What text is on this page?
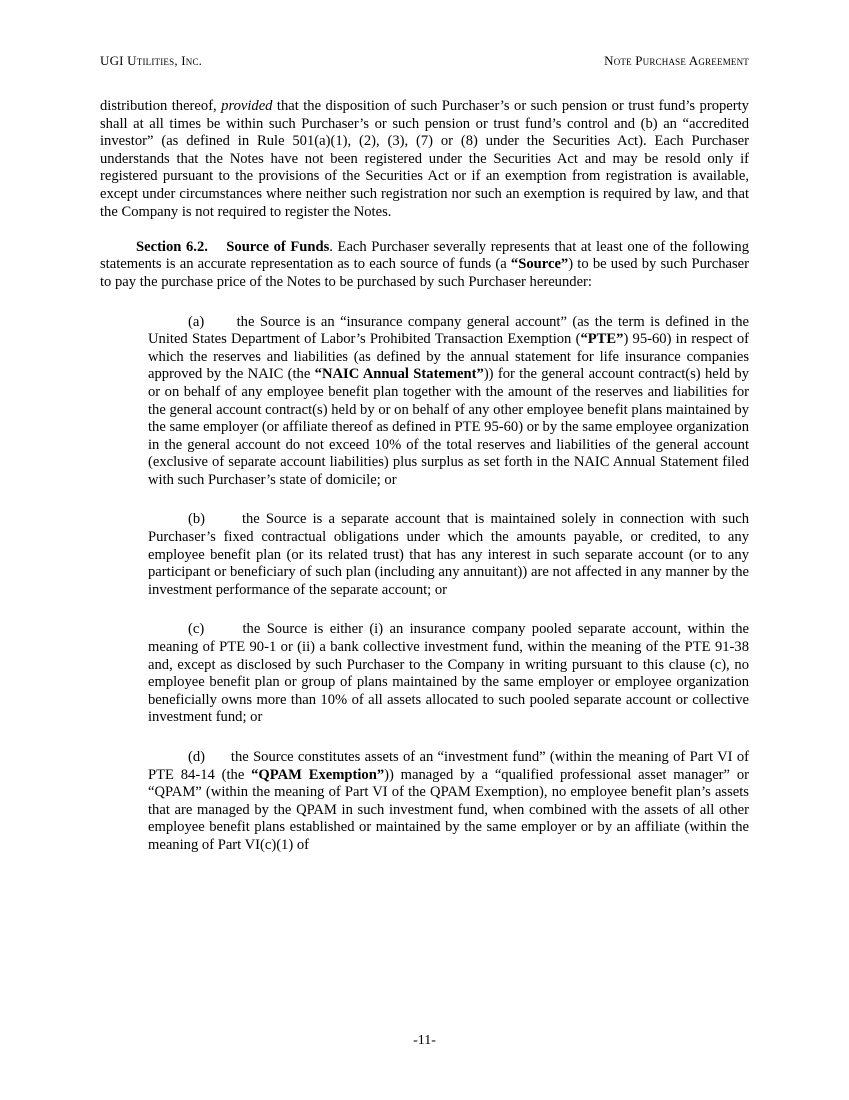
UGI Utilities, Inc.	Note Purchase Agreement

distribution thereof, provided that the disposition of such Purchaser’s or such pension or trust fund’s property shall at all times be within such Purchaser’s or such pension or trust fund’s control and (b) an “accredited investor” (as defined in Rule 501(a)(1), (2), (3), (7) or (8) under the Securities Act). Each Purchaser understands that the Notes have not been registered under the Securities Act and may be resold only if registered pursuant to the provisions of the Securities Act or if an exemption from registration is available, except under circumstances where neither such registration nor such an exemption is required by law, and that the Company is not required to register the Notes.

Section 6.2. Source of Funds. Each Purchaser severally represents that at least one of the following statements is an accurate representation as to each source of funds (a “Source”) to be used by such Purchaser to pay the purchase price of the Notes to be purchased by such Purchaser hereunder:

(a) the Source is an “insurance company general account” (as the term is defined in the United States Department of Labor’s Prohibited Transaction Exemption (“PTE”) 95-60) in respect of which the reserves and liabilities (as defined by the annual statement for life insurance companies approved by the NAIC (the “NAIC Annual Statement”)) for the general account contract(s) held by or on behalf of any employee benefit plan together with the amount of the reserves and liabilities for the general account contract(s) held by or on behalf of any other employee benefit plans maintained by the same employer (or affiliate thereof as defined in PTE 95-60) or by the same employee organization in the general account do not exceed 10% of the total reserves and liabilities of the general account (exclusive of separate account liabilities) plus surplus as set forth in the NAIC Annual Statement filed with such Purchaser’s state of domicile; or

(b)	the Source is a separate account that is maintained solely in connection with such Purchaser’s fixed contractual obligations under which the amounts payable, or credited, to any employee benefit plan (or its related trust) that has any interest in such separate account (or to any participant or beneficiary of such plan (including any annuitant)) are not affected in any manner by the investment performance of the separate account; or

(c)	the Source is either (i) an insurance company pooled separate account, within the meaning of PTE 90-1 or (ii) a bank collective investment fund, within the meaning of the PTE 91-38 and, except as disclosed by such Purchaser to the Company in writing pursuant to this clause (c), no employee benefit plan or group of plans maintained by the same employer or employee organization beneficially owns more than 10% of all assets allocated to such pooled separate account or collective investment fund; or

(d) the Source constitutes assets of an “investment fund” (within the meaning of Part VI of PTE 84-14 (the “QPAM Exemption”)) managed by a “qualified professional asset manager” or “QPAM” (within the meaning of Part VI of the QPAM Exemption), no employee benefit plan’s assets that are managed by the QPAM in such investment fund, when combined with the assets of all other employee benefit plans established or maintained by the same employer or by an affiliate (within the meaning of Part VI(c)(1) of

-11-
